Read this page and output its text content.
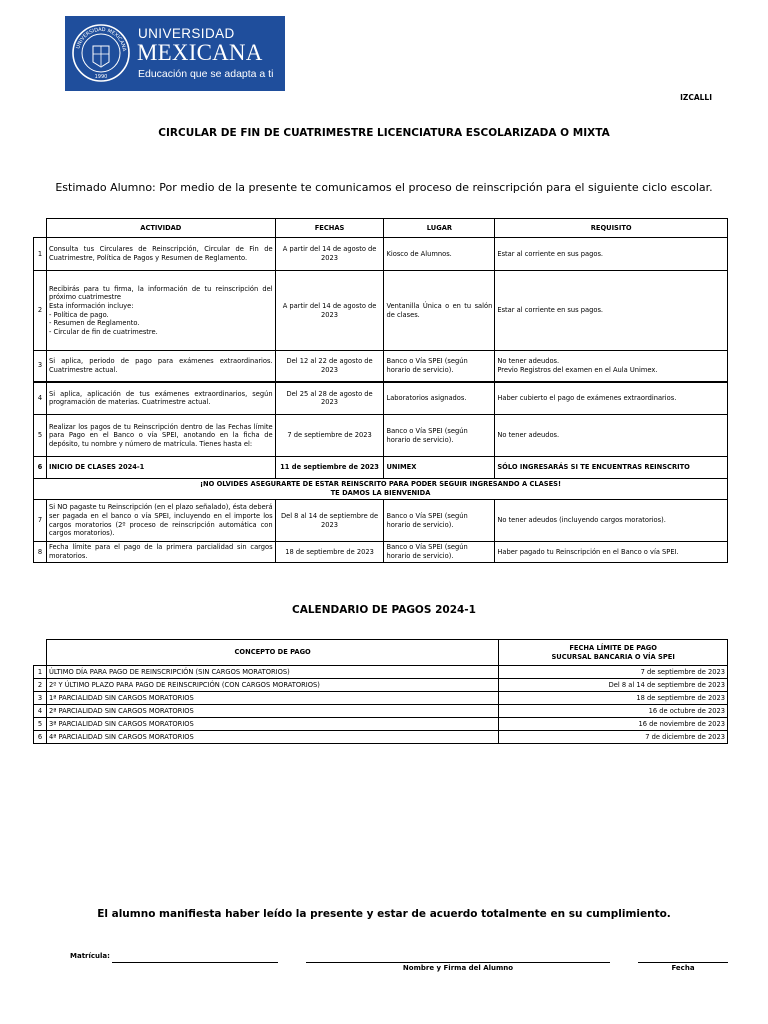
UNIVERSIDAD MEXICANA
1990
UNIVERSIDAD
MEXICANA
Educación que se adapta a ti
IZCALLI
CIRCULAR DE FIN DE CUATRIMESTRE LICENCIATURA ESCOLARIZADA O MIXTA
Estimado Alumno: Por medio de la presente te comunicamos el proceso de reinscripción para el siguiente ciclo escolar.
	ACTIVIDAD	FECHAS	LUGAR	REQUISITO
1	Consulta tus Circulares de Reinscripción, Circular de Fin de Cuatrimestre, Política de Pagos y Resumen de Reglamento.	A partir del 14 de agosto de 2023	Kiosco de Alumnos.	Estar al corriente en sus pagos.
2	Recibirás para tu firma, la información de tu reinscripción del próximo cuatrimestre
Esta información incluye:
- Política de pago.
- Resumen de Reglamento.
- Circular de fin de cuatrimestre.	A partir del 14 de agosto de 2023	Ventanilla Única o en tu salón de clases.	Estar al corriente en sus pagos.
3	Si aplica, periodo de pago para exámenes extraordinarios. Cuatrimestre actual.	Del 12 al 22 de agosto de 2023	Banco o Vía SPEI (según horario de servicio).	No tener adeudos.
Previo Registros del examen en el Aula Unimex.

4	Si aplica, aplicación de tus exámenes extraordinarios, según programación de materias. Cuatrimestre actual.	Del 25 al 28 de agosto de 2023	Laboratorios asignados.	Haber cubierto el pago de exámenes extraordinarios.
5	Realizar los pagos de tu Reinscripción dentro de las Fechas límite para Pago en el Banco o vía SPEI, anotando en la ficha de depósito, tu nombre y número de matrícula. Tienes hasta el:	7 de septiembre de 2023	Banco o Vía SPEI (según horario de servicio).	No tener adeudos.
6	INICIO DE CLASES 2024-1	11 de septiembre de 2023	UNIMEX	SÓLO INGRESARÁS SI TE ENCUENTRAS REINSCRITO

¡NO OLVIDES ASEGURARTE DE ESTAR REINSCRITO PARA PODER SEGUIR INGRESANDO A CLASES!
TE DAMOS LA BIENVENIDA				

7	Si NO pagaste tu Reinscripción (en el plazo señalado), ésta deberá ser pagada en el banco o vía SPEI, incluyendo en el importe los cargos moratorios (2º proceso de reinscripción automática con cargos moratorios).	Del 8 al 14 de septiembre de 2023	Banco o Vía SPEI (según horario de servicio).	No tener adeudos (incluyendo cargos moratorios).
8	Fecha límite para el pago de la primera parcialidad sin cargos moratorios.	18 de septiembre de 2023	Banco o Vía SPEI (según horario de servicio).	Haber pagado tu Reinscripción en el Banco o vía SPEI.
CALENDARIO DE PAGOS 2024-1
	CONCEPTO DE PAGO	FECHA LÍMITE DE PAGO
SUCURSAL BANCARIA O VÍA SPEI

1	ÚLTIMO DÍA PARA PAGO DE REINSCRIPCIÓN (SIN CARGOS MORATORIOS)	7 de septiembre de 2023
2	2º Y ÚLTIMO PLAZO PARA PAGO DE REINSCRIPCIÓN (CON CARGOS MORATORIOS)	Del 8 al 14 de septiembre de 2023
3	1ª PARCIALIDAD SIN CARGOS MORATORIOS	18 de septiembre de 2023
4	2ª PARCIALIDAD SIN CARGOS MORATORIOS	16 de octubre de 2023
5	3ª PARCIALIDAD SIN CARGOS MORATORIOS	16 de noviembre de 2023
6	4ª PARCIALIDAD SIN CARGOS MORATORIOS	7 de diciembre de 2023
El alumno manifiesta haber leído la presente y estar de acuerdo totalmente en su cumplimiento.
Matrícula:
Nombre y Firma del Alumno	Fecha
